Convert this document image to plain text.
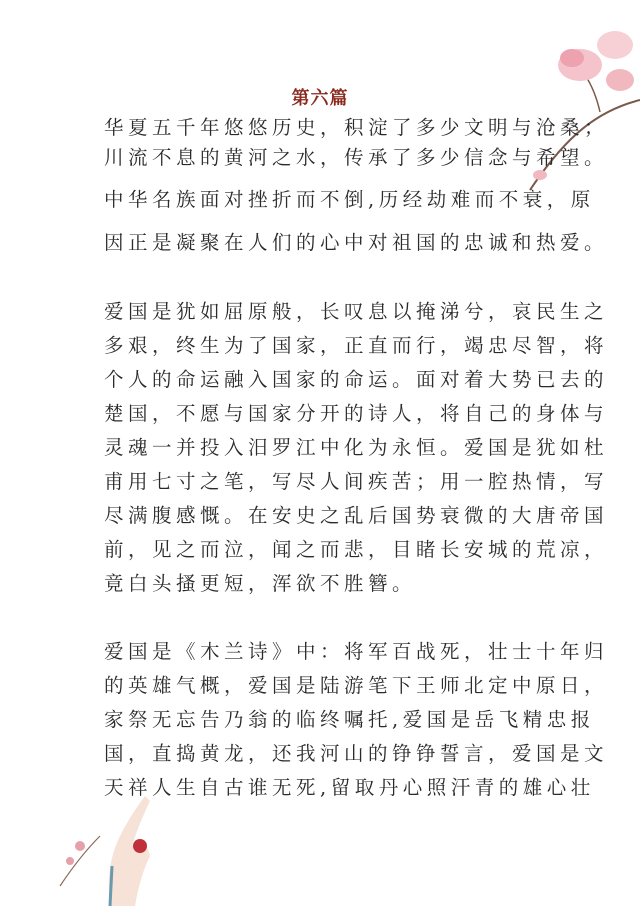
第六篇
华夏五千年悠悠历史，积淀了多少文明与沧桑；
川流不息的黄河之水，传承了多少信念与希望。
中华名族面对挫折而不倒,历经劫难而不衰，原
因正是凝聚在人们的心中对祖国的忠诚和热爱。
爱国是犹如屈原般，长叹息以掩涕兮，哀民生之
多艰，终生为了国家，正直而行，竭忠尽智，将
个人的命运融入国家的命运。面对着大势已去的
楚国，不愿与国家分开的诗人，将自己的身体与
灵魂一并投入汨罗江中化为永恒。爱国是犹如杜
甫用七寸之笔，写尽人间疾苦；用一腔热情，写
尽满腹感慨。在安史之乱后国势衰微的大唐帝国
前，见之而泣，闻之而悲，目睹长安城的荒凉，
竟白头搔更短，浑欲不胜簪。
爱国是《木兰诗》中：将军百战死，壮士十年归
的英雄气概，爱国是陆游笔下王师北定中原日，
家祭无忘告乃翁的临终嘱托,爱国是岳飞精忠报
国，直捣黄龙，还我河山的铮铮誓言，爱国是文
天祥人生自古谁无死,留取丹心照汗青的雄心壮
